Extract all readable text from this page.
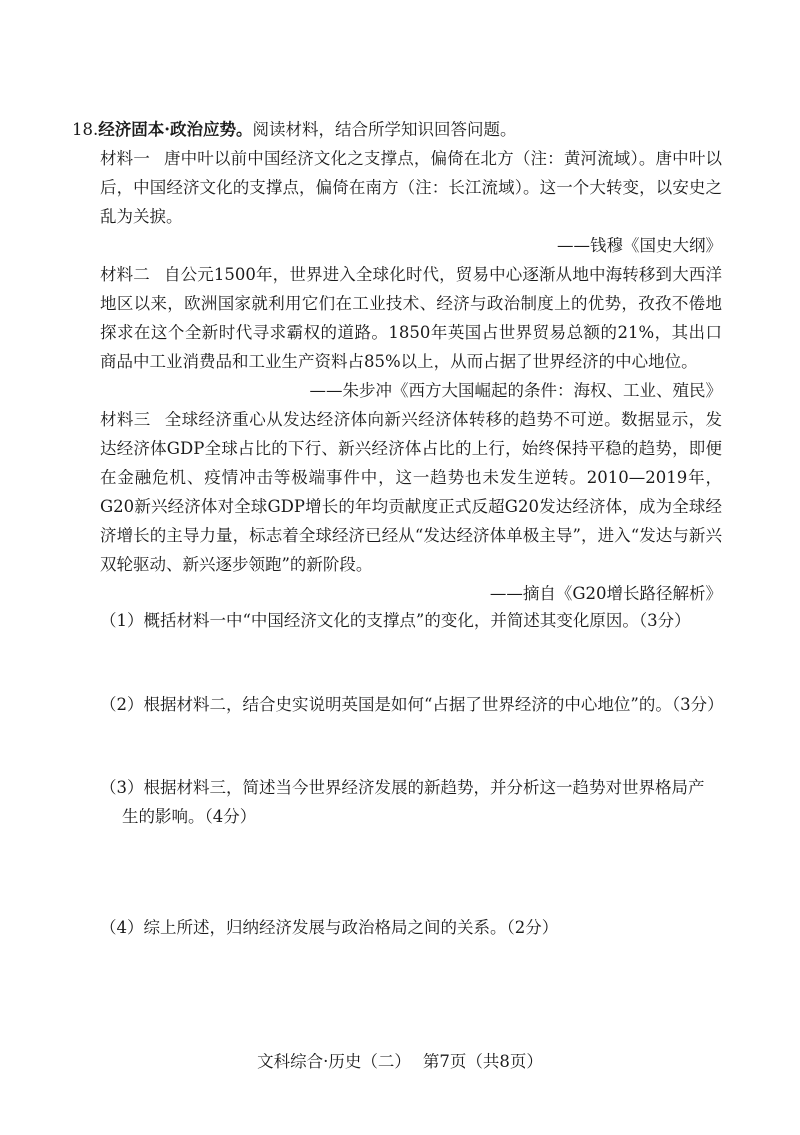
18.经济固本·政治应势。阅读材料，结合所学知识回答问题。

材料一 唐中叶以前中国经济文化之支撑点，偏倚在北方（注：黄河流域）。唐中叶以后，中国经济文化的支撑点，偏倚在南方（注：长江流域）。这一个大转变，以安史之乱为关捩。

——钱穆《国史大纲》

材料二 自公元1500年，世界进入全球化时代，贸易中心逐渐从地中海转移到大西洋地区以来，欧洲国家就利用它们在工业技术、经济与政治制度上的优势，孜孜不倦地探求在这个全新时代寻求霸权的道路。1850年英国占世界贸易总额的21%，其出口商品中工业消费品和工业生产资料占85%以上，从而占据了世界经济的中心地位。

——朱步冲《西方大国崛起的条件：海权、工业、殖民》

材料三 全球经济重心从发达经济体向新兴经济体转移的趋势不可逆。数据显示，发达经济体GDP全球占比的下行、新兴经济体占比的上行，始终保持平稳的趋势，即便在金融危机、疫情冲击等极端事件中，这一趋势也未发生逆转。2010—2019年，G20新兴经济体对全球GDP增长的年均贡献度正式反超G20发达经济体，成为全球经济增长的主导力量，标志着全球经济已经从“发达经济体单极主导”，进入“发达与新兴双轮驱动、新兴逐步领跑”的新阶段。

——摘自《G20增长路径解析》

（1）概括材料一中“中国经济文化的支撑点”的变化，并简述其变化原因。（3分）

（2）根据材料二，结合史实说明英国是如何“占据了世界经济的中心地位”的。（3分）

（3）根据材料三，简述当今世界经济发展的新趋势，并分析这一趋势对世界格局产
生的影响。（4分）

（4）综上所述，归纳经济发展与政治格局之间的关系。（2分）

文科综合·历史（二） 第7页（共8页）
